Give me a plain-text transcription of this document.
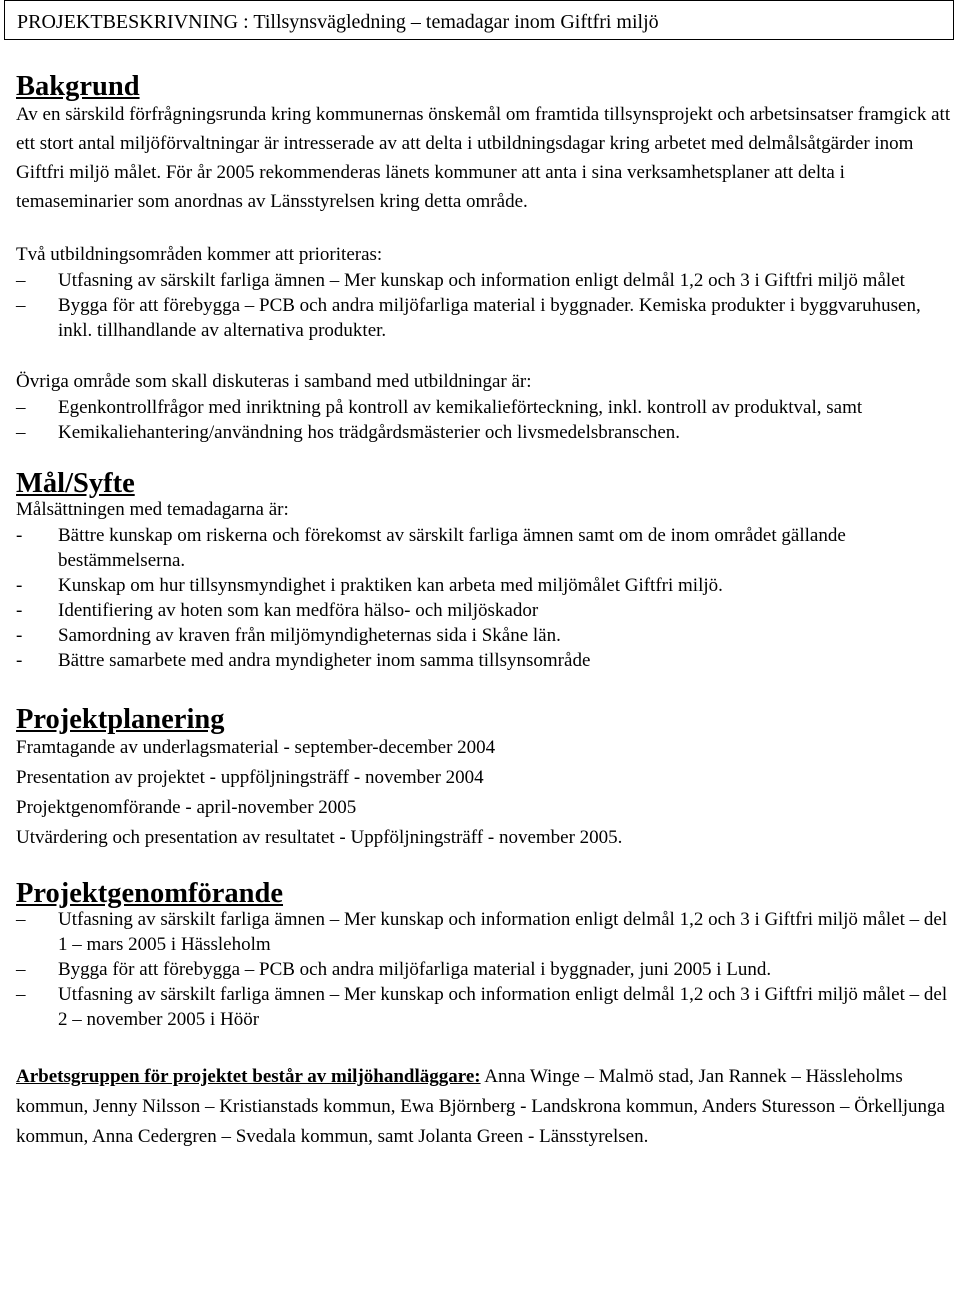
PROJEKTBESKRIVNING : Tillsynsvägledning – temadagar inom Giftfri miljö
Bakgrund

Av en särskild förfrågningsrunda kring kommunernas önskemål om framtida tillsynsprojekt och arbetsinsatser framgick att ett stort antal miljöförvaltningar är intresserade av att delta i utbildningsdagar kring arbetet med delmålsåtgärder inom Giftfri miljö målet. För år 2005 rekommenderas länets kommuner att anta i sina verksamhetsplaner att delta i temaseminarier som anordnas av Länsstyrelsen kring detta område.

Två utbildningsområden kommer att prioriteras:

–	Utfasning av särskilt farliga ämnen – Mer kunskap och information enligt delmål 1,2 och 3 i Giftfri miljö målet
–	Bygga för att förebygga – PCB och andra miljöfarliga material i byggnader. Kemiska produkter i byggvaruhusen, inkl. tillhandlande av alternativa produkter.

Övriga område som skall diskuteras i samband med utbildningar är:

–	Egenkontrollfrågor med inriktning på kontroll av kemikalieförteckning, inkl. kontroll av produktval, samt
–	Kemikaliehantering/användning hos trädgårdsmästerier och livsmedelsbranschen.
Mål/Syfte

Målsättningen med temadagarna är:

-	Bättre kunskap om riskerna och förekomst av särskilt farliga ämnen samt om de inom området gällande bestämmelserna.
-	Kunskap om hur tillsynsmyndighet i praktiken kan arbeta med miljömålet Giftfri miljö.
-	Identifiering av hoten som kan medföra hälso- och miljöskador
-	Samordning av kraven från miljömyndigheternas sida i Skåne län.
-	Bättre samarbete med andra myndigheter inom samma tillsynsområde
Projektplanering

Framtagande av underlagsmaterial - september-december 2004

Presentation av projektet - uppföljningsträff - november 2004

Projektgenomförande - april-november 2005

Utvärdering och presentation av resultatet - Uppföljningsträff - november 2005.

Projektgenomförande
–	Utfasning av särskilt farliga ämnen – Mer kunskap och information enligt delmål 1,2 och 3 i Giftfri miljö målet – del 1 – mars 2005 i Hässleholm
–	Bygga för att förebygga – PCB och andra miljöfarliga material i byggnader, juni 2005 i Lund.
–	Utfasning av särskilt farliga ämnen – Mer kunskap och information enligt delmål 1,2 och 3 i Giftfri miljö målet – del 2 – november 2005 i Höör

Arbetsgruppen för projektet består av miljöhandläggare: Anna Winge – Malmö stad, Jan Rannek – Hässleholms kommun, Jenny Nilsson – Kristianstads kommun, Ewa Björnberg - Landskrona kommun, Anders Sturesson – Örkelljunga kommun, Anna Cedergren – Svedala kommun, samt Jolanta Green - Länsstyrelsen.
